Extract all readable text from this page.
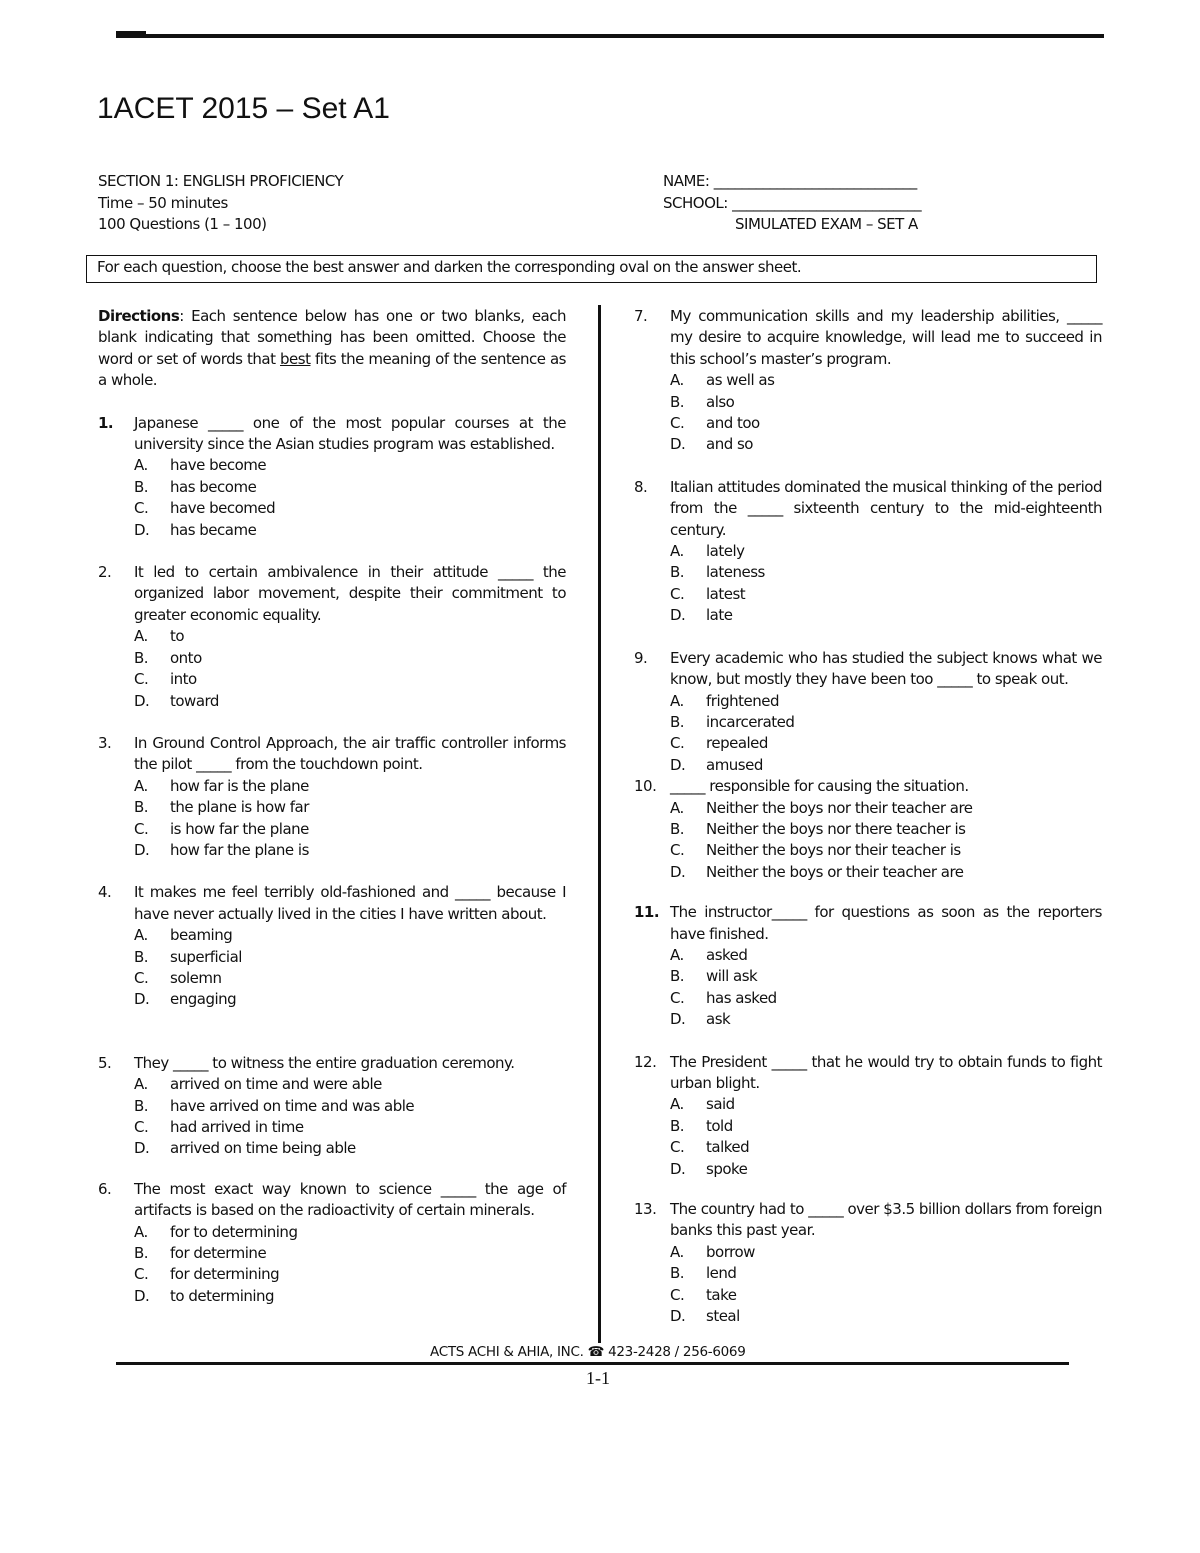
1ACET 2015 – Set A1
SECTION 1: ENGLISH PROFICIENCY
Time – 50 minutes
100 Questions (1 – 100)
NAME: _____________________________
SCHOOL: ___________________________
SIMULATED EXAM – SET A
For each question, choose the best answer and darken the corresponding oval on the answer sheet.
Directions: Each sentence below has one or two blanks, each blank indicating that something has been omitted. Choose the word or set of words that best fits the meaning of the sentence as a whole.
1.	Japanese _____ one of the most popular courses at the university since the Asian studies program was established.
A.	have become
B.	has become
C.	have becomed
D.	has became
2.	It led to certain ambivalence in their attitude _____ the organized labor movement, despite their commitment to greater economic equality.
A.	to
B.	onto
C.	into
D.	toward
3.	In Ground Control Approach, the air traffic controller informs the pilot _____ from the touchdown point.
A.	how far is the plane
B.	the plane is how far
C.	is how far the plane
D.	how far the plane is
4.	It makes me feel terribly old-fashioned and _____ because I have never actually lived in the cities I have written about.
A.	beaming
B.	superficial
C.	solemn
D.	engaging
5.	They _____ to witness the entire graduation ceremony.
A.	arrived on time and were able
B.	have arrived on time and was able
C.	had arrived in time
D.	arrived on time being able
6.	The most exact way known to science _____ the age of artifacts is based on the radioactivity of certain minerals.
A.	for to determining
B.	for determine
C.	for determining
D.	to determining
7.	My communication skills and my leadership abilities, _____ my desire to acquire knowledge, will lead me to succeed in this school’s master’s program.
A.	as well as
B.	also
C.	and too
D.	and so
8.	Italian attitudes dominated the musical thinking of the period from the _____ sixteenth century to the mid-eighteenth century.
A.	lately
B.	lateness
C.	latest
D.	late
9.	Every academic who has studied the subject knows what we know, but mostly they have been too _____ to speak out.
A.	frightened
B.	incarcerated
C.	repealed
D.	amused
10. _____ responsible for causing the situation.
A.	Neither the boys nor their teacher are
B.	Neither the boys nor there teacher is
C.	Neither the boys nor their teacher is
D.	Neither the boys or their teacher are
11. The instructor_____ for questions as soon as the reporters have finished.
A.	asked
B.	will ask
C.	has asked
D.	ask
12. The President _____ that he would try to obtain funds to fight urban blight.
A.	said
B.	told
C.	talked
D.	spoke
13. The country had to _____ over $3.5 billion dollars from foreign banks this past year.
A.	borrow
B.	lend
C.	take
D.	steal
ACTS ACHI & AHIA, INC. ☎ 423-2428 / 256-6069
1-1
